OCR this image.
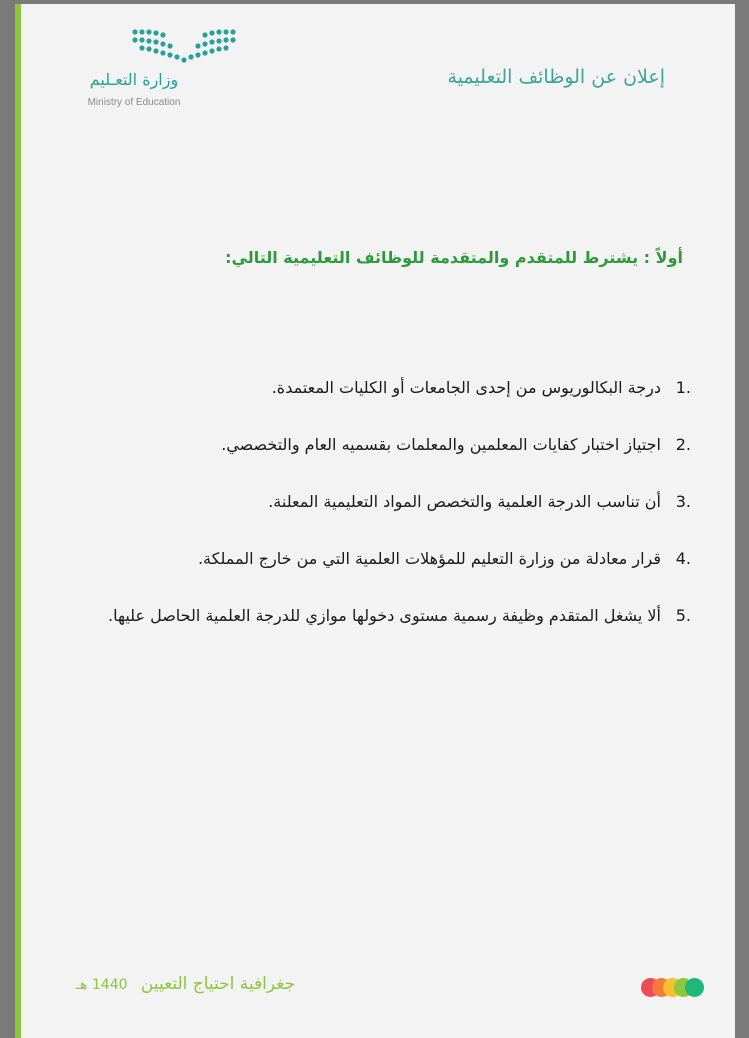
إعلان عن الوظائف التعليمية
وزارة التعـليم
Ministry of Education
أولاً : يشترط للمتقدم والمتقدمة للوظائف التعليمية التالي:
1.
درجة البكالوريوس من إحدى الجامعات أو الكليات المعتمدة.
2.
اجتياز اختبار كفايات المعلمين والمعلمات بقسميه العام والتخصصي.
3.
أن تناسب الدرجة العلمية والتخصص المواد التعليمية المعلنة.
4.
قرار معادلة من وزارة التعليم للمؤهلات العلمية التي من خارج المملكة.
5.
ألا يشغل المتقدم وظيفة رسمية مستوى دخولها موازي للدرجة العلمية الحاصل عليها.
جغرافية احتياج التعيين 1440 هـ
